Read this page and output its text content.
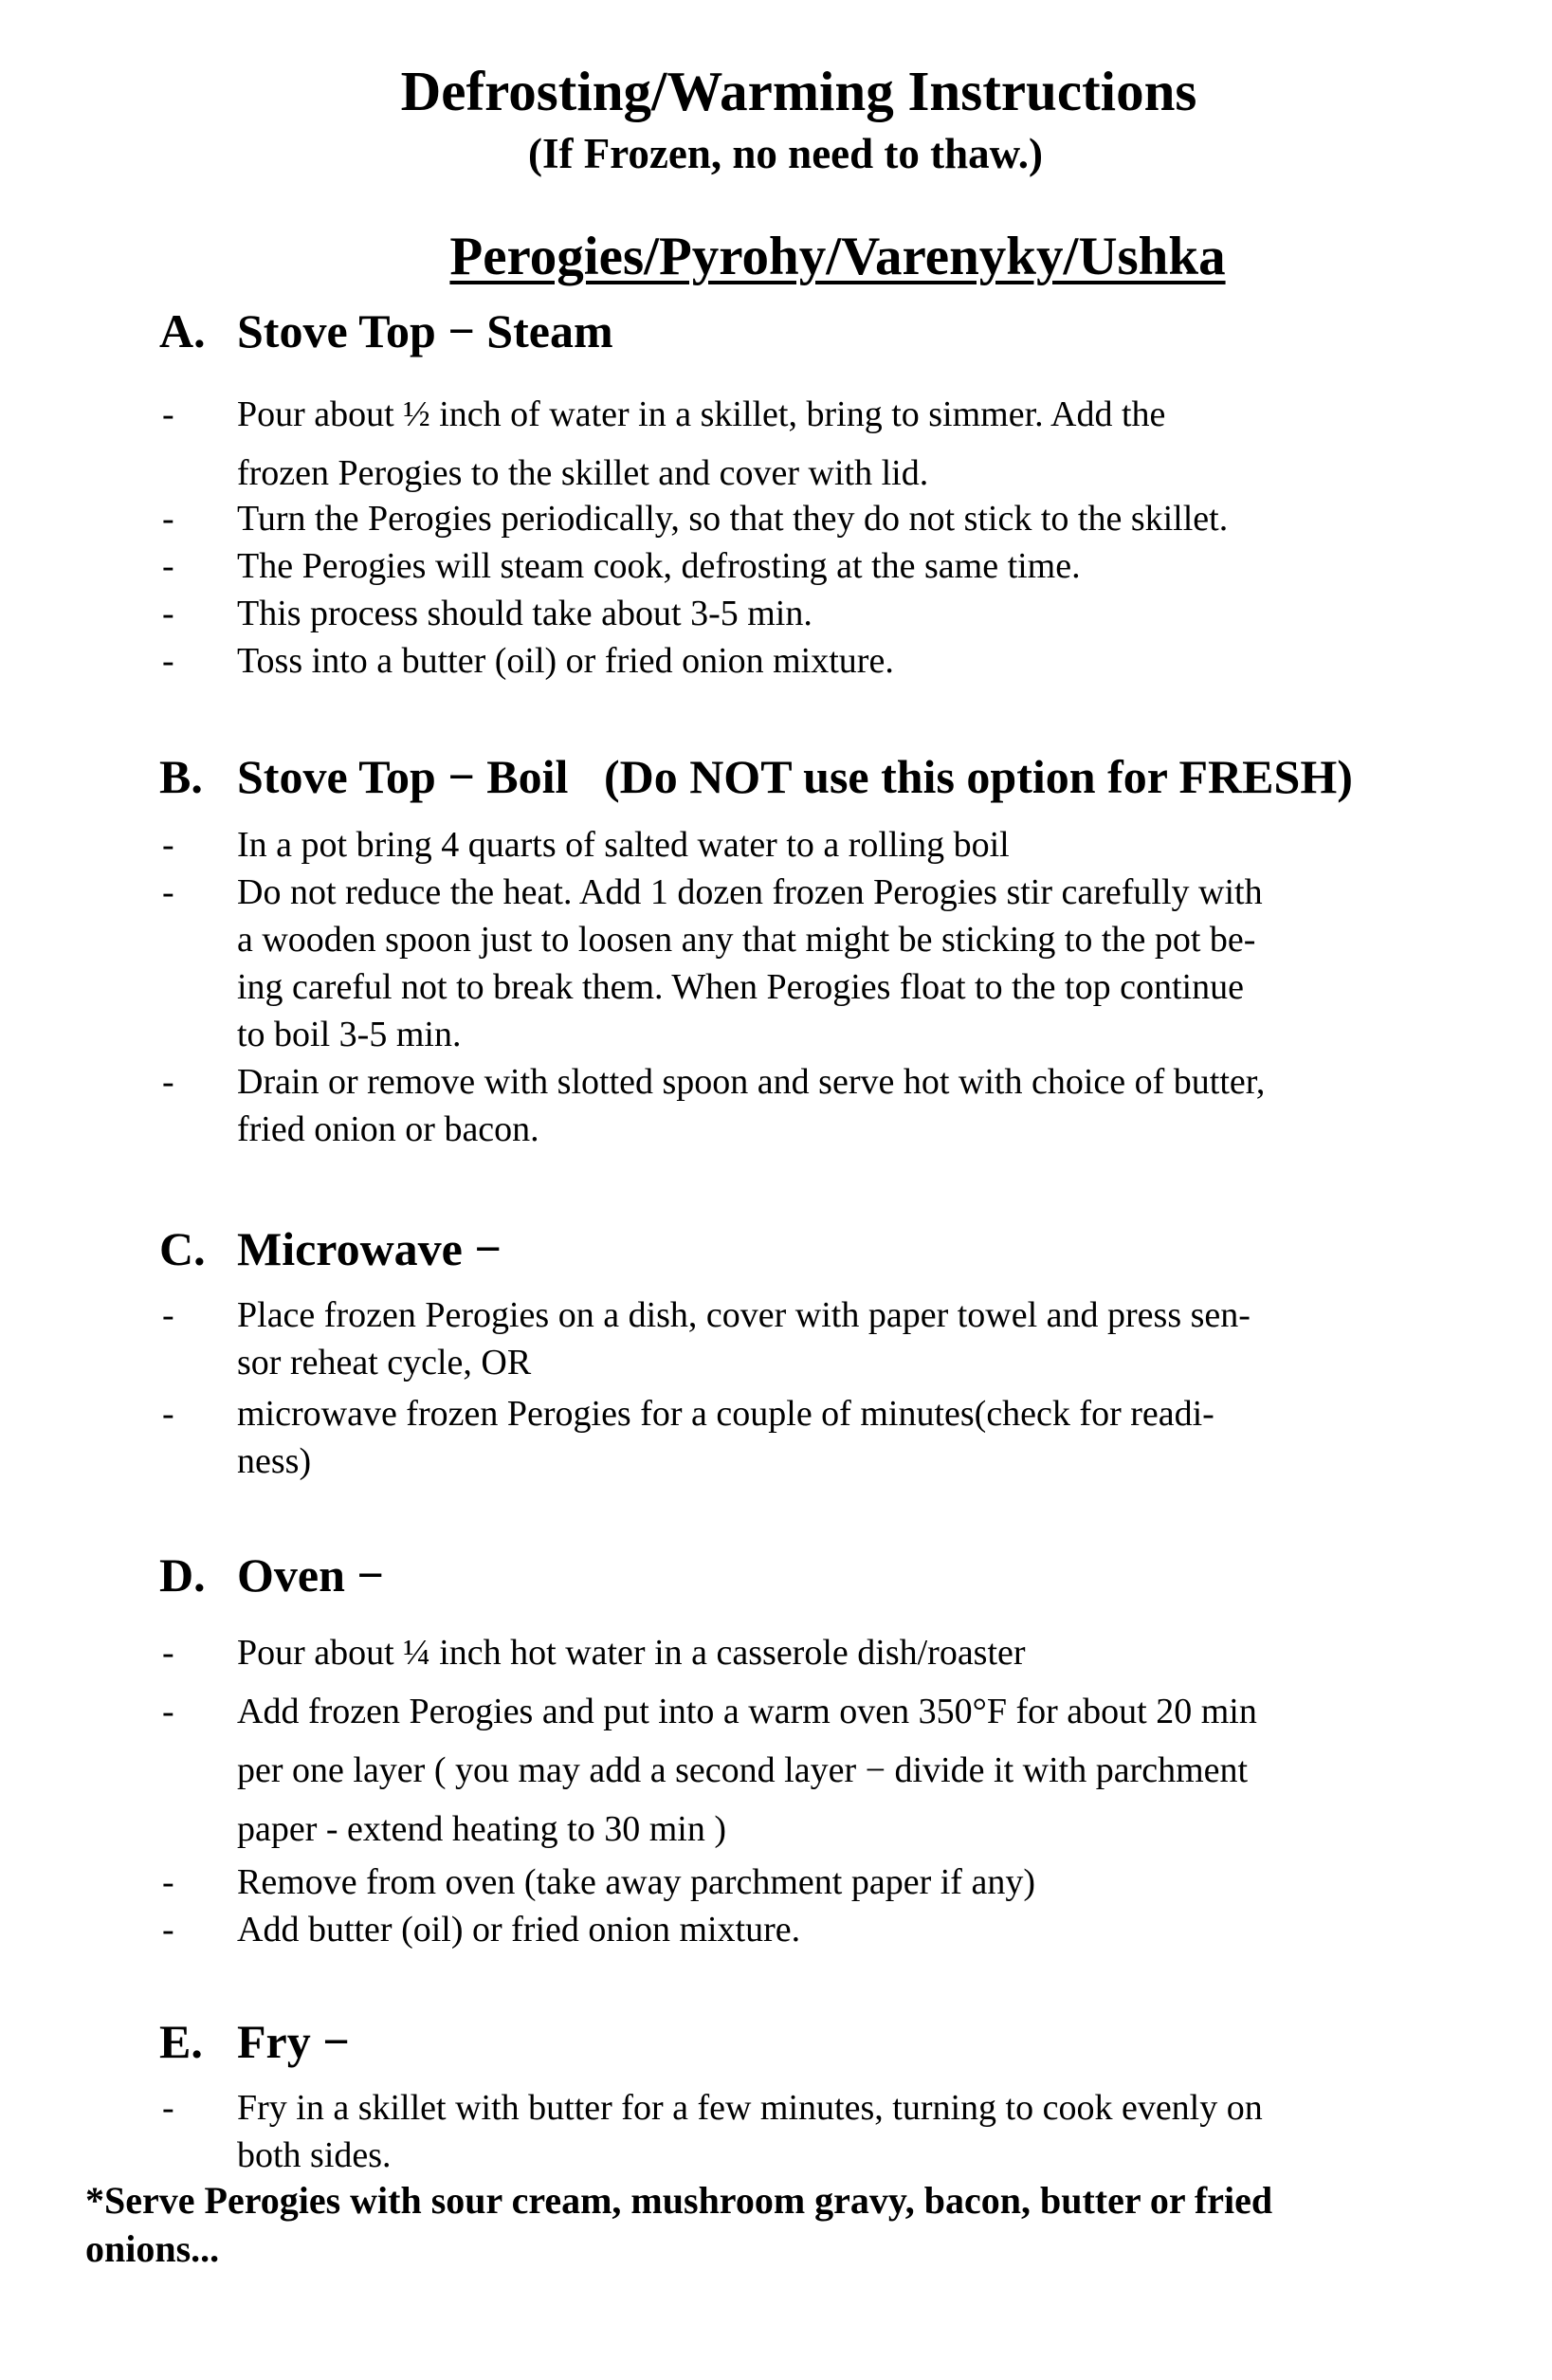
Defrosting/Warming Instructions
(If Frozen, no need to thaw.)
Perogies/Pyrohy/Varenyky/Ushka
A. Stove Top − Steam
- Pour about ½ inch of water in a skillet, bring to simmer. Add the
frozen Perogies to the skillet and cover with lid.
- Turn the Perogies periodically, so that they do not stick to the skillet.
- The Perogies will steam cook, defrosting at the same time.
- This process should take about 3-5 min.
- Toss into a butter (oil) or fried onion mixture.
B. Stove Top − Boil   (Do NOT use this option for FRESH)
- In a pot bring 4 quarts of salted water to a rolling boil
- Do not reduce the heat. Add 1 dozen frozen Perogies stir carefully with
a wooden spoon just to loosen any that might be sticking to the pot be-
ing careful not to break them. When Perogies float to the top continue
to boil 3-5 min.
- Drain or remove with slotted spoon and serve hot with choice of butter,
fried onion or bacon.
C. Microwave −
- Place frozen Perogies on a dish, cover with paper towel and press sen-
sor reheat cycle, OR
- microwave frozen Perogies for a couple of minutes(check for readi-
ness)
D. Oven −
- Pour about ¼ inch hot water in a casserole dish/roaster
- Add frozen Perogies and put into a warm oven 350°F for about 20 min
per one layer ( you may add a second layer − divide it with parchment
paper - extend heating to 30 min )
- Remove from oven (take away parchment paper if any)
- Add butter (oil) or fried onion mixture.
E. Fry −
- Fry in a skillet with butter for a few minutes, turning to cook evenly on
both sides.
*Serve Perogies with sour cream, mushroom gravy, bacon, butter or fried
onions...
